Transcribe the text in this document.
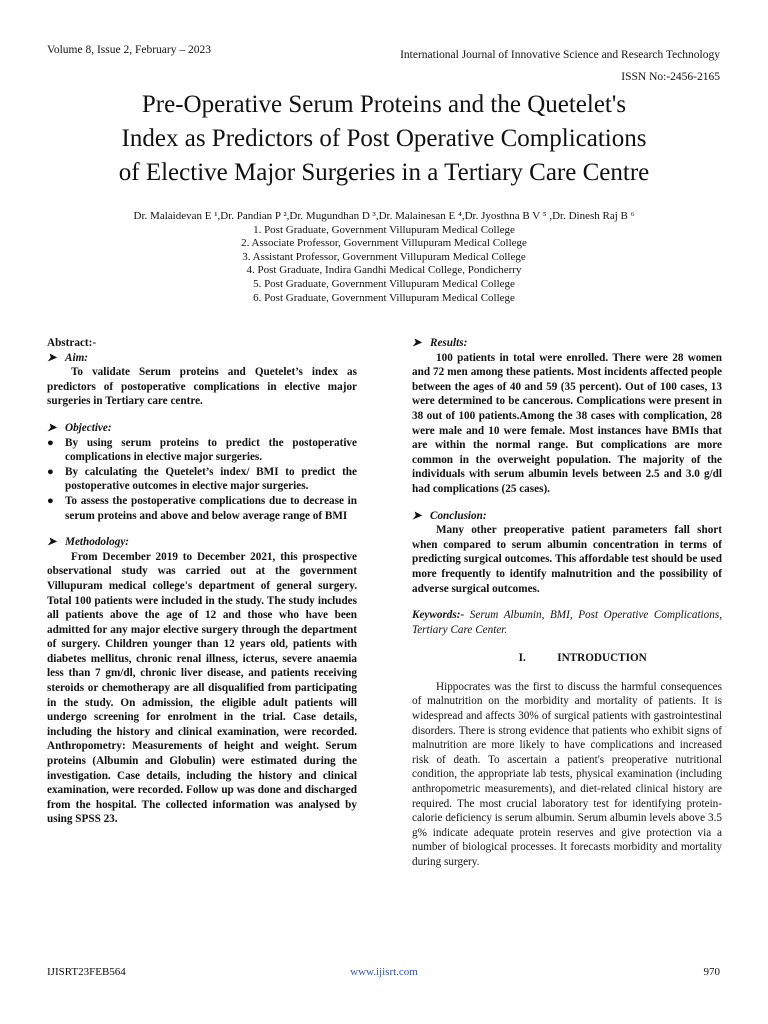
Volume 8, Issue 2, February – 2023	International Journal of Innovative Science and Research Technology
ISSN No:-2456-2165
Pre-Operative Serum Proteins and the Quetelet's
Index as Predictors of Post Operative Complications
of Elective Major Surgeries in a Tertiary Care Centre
Dr. Malaidevan E ¹,Dr. Pandian P ²,Dr. Mugundhan D ³,Dr. Malainesan E ⁴,Dr. Jyosthna B V ⁵ ,Dr. Dinesh Raj B ⁶
1. Post Graduate, Government Villupuram Medical College
2. Associate Professor, Government Villupuram Medical College
3. Assistant Professor, Government Villupuram Medical College
4. Post Graduate, Indira Gandhi Medical College, Pondicherry
5. Post Graduate, Government Villupuram Medical College
6. Post Graduate, Government Villupuram Medical College
Abstract:-
➤ Aim:

To validate Serum proteins and Quetelet’s index as predictors of postoperative complications in elective major surgeries in Tertiary care centre.

➤ Objective:
● By using serum proteins to predict the postoperative complications in elective major surgeries.
● By calculating the Quetelet’s index/ BMI to predict the postoperative outcomes in elective major surgeries.
● To assess the postoperative complications due to decrease in serum proteins and above and below average range of BMI
➤ Methodology:

From December 2019 to December 2021, this prospective observational study was carried out at the government Villupuram medical college's department of general surgery. Total 100 patients were included in the study. The study includes all patients above the age of 12 and those who have been admitted for any major elective surgery through the department of surgery. Children younger than 12 years old, patients with diabetes mellitus, chronic renal illness, icterus, severe anaemia less than 7 gm/dl, chronic liver disease, and patients receiving steroids or chemotherapy are all disqualified from participating in the study. On admission, the eligible adult patients will undergo screening for enrolment in the trial. Case details, including the history and clinical examination, were recorded. Anthropometry: Measurements of height and weight. Serum proteins (Albumin and Globulin) were estimated during the investigation. Case details, including the history and clinical examination, were recorded. Follow up was done and discharged from the hospital. The collected information was analysed by using SPSS 23.

➤ Results:

100 patients in total were enrolled. There were 28 women and 72 men among these patients. Most incidents affected people between the ages of 40 and 59 (35 percent). Out of 100 cases, 13 were determined to be cancerous. Complications were present in 38 out of 100 patients.Among the 38 cases with complication, 28 were male and 10 were female. Most instances have BMIs that are within the normal range. But complications are more common in the overweight population. The majority of the individuals with serum albumin levels between 2.5 and 3.0 g/dl had complications (25 cases).

➤ Conclusion:

Many other preoperative patient parameters fall short when compared to serum albumin concentration in terms of predicting surgical outcomes. This affordable test should be used more frequently to identify malnutrition and the possibility of adverse surgical outcomes.

Keywords:- Serum Albumin, BMI, Post Operative Complications, Tertiary Care Center.

I.	INTRODUCTION

Hippocrates was the first to discuss the harmful consequences of malnutrition on the morbidity and mortality of patients. It is widespread and affects 30% of surgical patients with gastrointestinal disorders. There is strong evidence that patients who exhibit signs of malnutrition are more likely to have complications and increased risk of death. To ascertain a patient's preoperative nutritional condition, the appropriate lab tests, physical examination (including anthropometric measurements), and diet-related clinical history are required. The most crucial laboratory test for identifying protein-calorie deficiency is serum albumin. Serum albumin levels above 3.5 g% indicate adequate protein reserves and give protection via a number of biological processes. It forecasts morbidity and mortality during surgery.

IJISRT23FEB564	www.ijisrt.com	970
